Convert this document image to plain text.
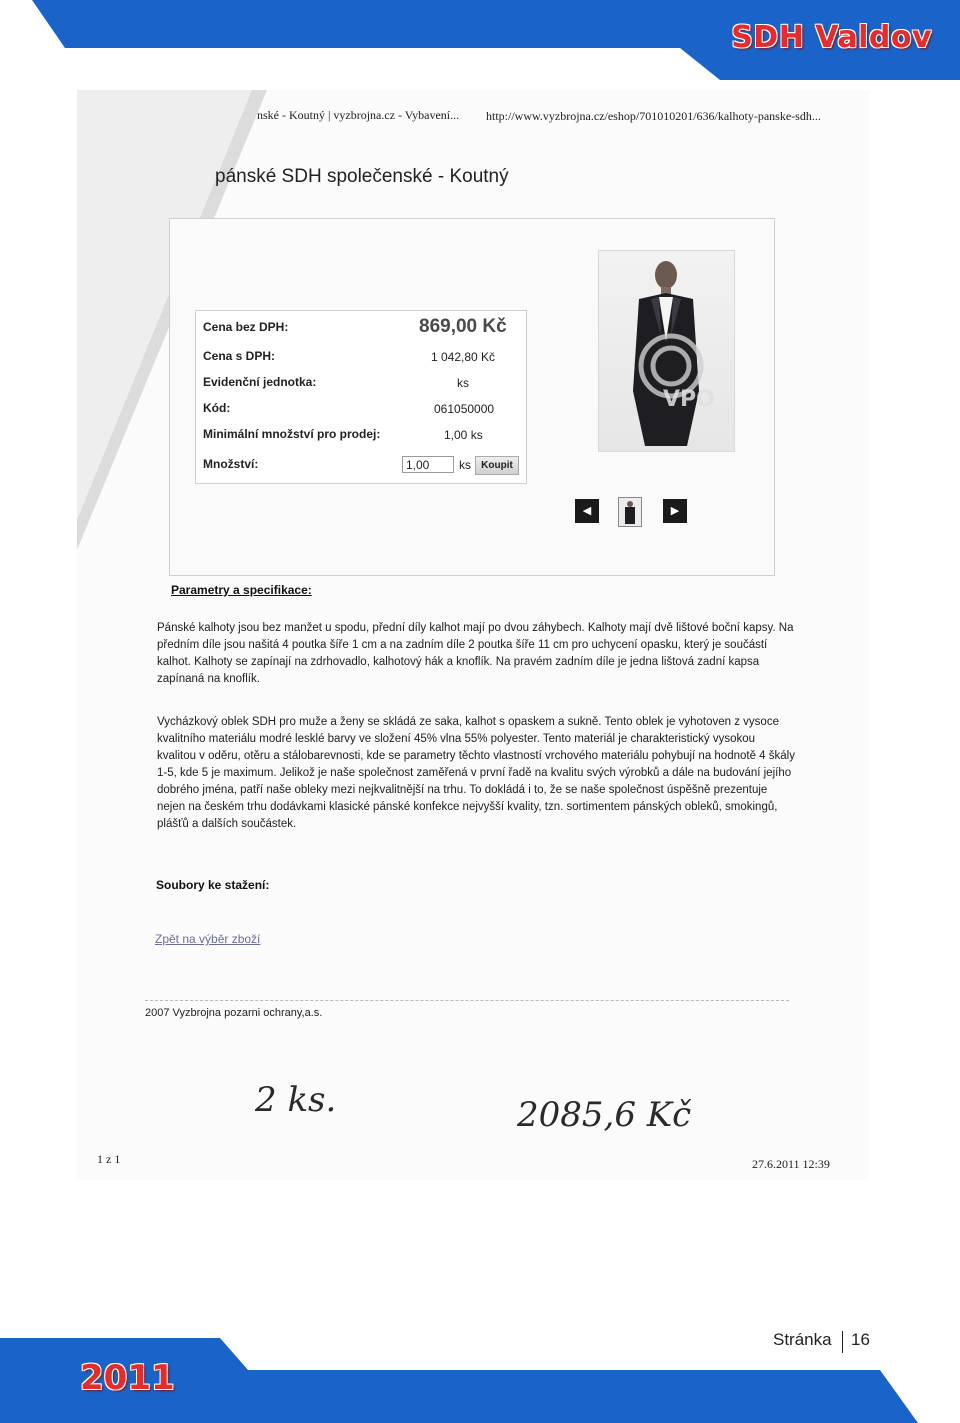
SDH Valdov
nské - Koutný | vyzbrojna.cz - Vybavení... http://www.vyzbrojna.cz/eshop/701010201/636/kalhoty-panske-sdh...
pánské SDH společenské - Koutný
VPO
Cena bez DPH:	869,00 Kč
Cena s DPH:	1 042,80 Kč
Evidenční jednotka:	ks
Kód:	061050000
Minimální množství pro prodej:	1,00 ks
Množství:
1,00	ks	Koupit
◀	▶
Parametry a specifikace:
Pánské kalhoty jsou bez manžet u spodu, přední díly kalhot mají po dvou záhybech. Kalhoty mají dvě lištové boční kapsy. Na předním díle jsou našitá 4 poutka šíře 1 cm a na zadním díle 2 poutka šíře 11 cm pro uchycení opasku, který je součástí kalhot. Kalhoty se zapínají na zdrhovadlo, kalhotový hák a knoflík. Na pravém zadním díle je jedna lištová zadní kapsa zapínaná na knoflík.
Vycházkový oblek SDH pro muže a ženy se skládá ze saka, kalhot s opaskem a sukně. Tento oblek je vyhotoven z vysoce kvalitního materiálu modré lesklé barvy ve složení 45% vlna 55% polyester. Tento materiál je charakteristický vysokou kvalitou v oděru, otěru a stálobarevnosti, kde se parametry těchto vlastností vrchového materiálu pohybují na hodnotě 4 škály 1-5, kde 5 je maximum. Jelikož je naše společnost zaměřená v první řadě na kvalitu svých výrobků a dále na budování jejího dobrého jména, patří naše obleky mezi nejkvalitnější na trhu. To dokládá i to, že se naše společnost úspěšně prezentuje nejen na českém trhu dodávkami klasické pánské konfekce nejvyšší kvality, tzn. sortimentem pánských obleků, smokingů, plášťů a dalších součástek.
Soubory ke stažení:
Zpět na výběr zboží
2007 Vyzbrojna pozarni ochrany,a.s.
2 ks.	2085,6 Kč
1 z 1	27.6.2011 12:39
2011
Stránka 16
